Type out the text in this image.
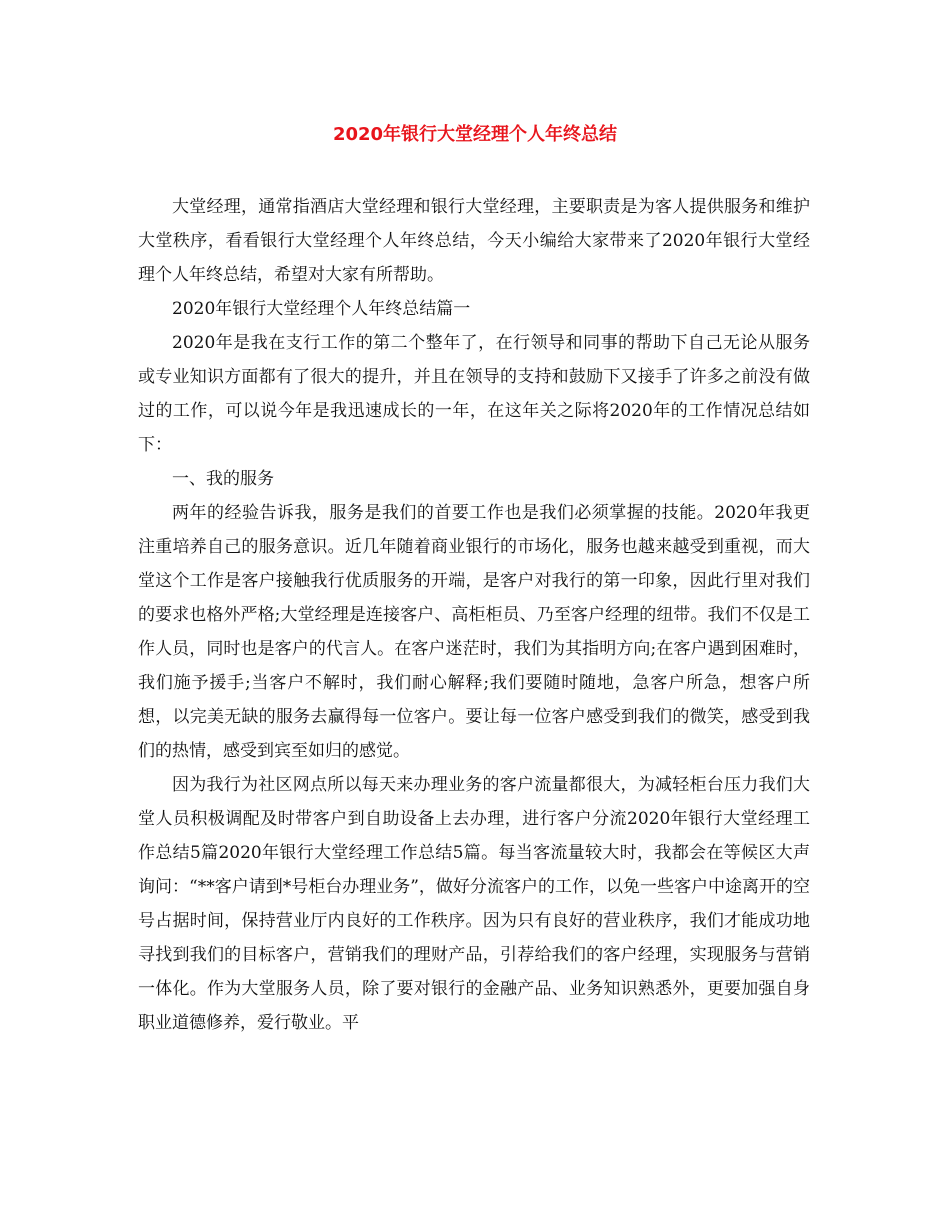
2020年银行大堂经理个人年终总结

大堂经理，通常指酒店大堂经理和银行大堂经理，主要职责是为客人提供服务和维护大堂秩序，看看银行大堂经理个人年终总结，今天小编给大家带来了2020年银行大堂经理个人年终总结，希望对大家有所帮助。

2020年银行大堂经理个人年终总结篇一

2020年是我在支行工作的第二个整年了，在行领导和同事的帮助下自己无论从服务或专业知识方面都有了很大的提升，并且在领导的支持和鼓励下又接手了许多之前没有做过的工作，可以说今年是我迅速成长的一年，在这年关之际将2020年的工作情况总结如下：

一、我的服务

两年的经验告诉我，服务是我们的首要工作也是我们必须掌握的技能。2020年我更注重培养自己的服务意识。近几年随着商业银行的市场化，服务也越来越受到重视，而大堂这个工作是客户接触我行优质服务的开端，是客户对我行的第一印象，因此行里对我们的要求也格外严格;大堂经理是连接客户、高柜柜员、乃至客户经理的纽带。我们不仅是工作人员，同时也是客户的代言人。在客户迷茫时，我们为其指明方向;在客户遇到困难时，我们施予援手;当客户不解时，我们耐心解释;我们要随时随地，急客户所急，想客户所想，以完美无缺的服务去赢得每一位客户。要让每一位客户感受到我们的微笑，感受到我们的热情，感受到宾至如归的感觉。

因为我行为社区网点所以每天来办理业务的客户流量都很大，为减轻柜台压力我们大堂人员积极调配及时带客户到自助设备上去办理，进行客户分流2020年银行大堂经理工作总结5篇2020年银行大堂经理工作总结5篇。每当客流量较大时，我都会在等候区大声询问：“**客户请到*号柜台办理业务”，做好分流客户的工作，以免一些客户中途离开的空号占据时间，保持营业厅内良好的工作秩序。因为只有良好的营业秩序，我们才能成功地寻找到我们的目标客户，营销我们的理财产品，引荐给我们的客户经理，实现服务与营销一体化。作为大堂服务人员，除了要对银行的金融产品、业务知识熟悉外，更要加强自身职业道德修养，爱行敬业。平
